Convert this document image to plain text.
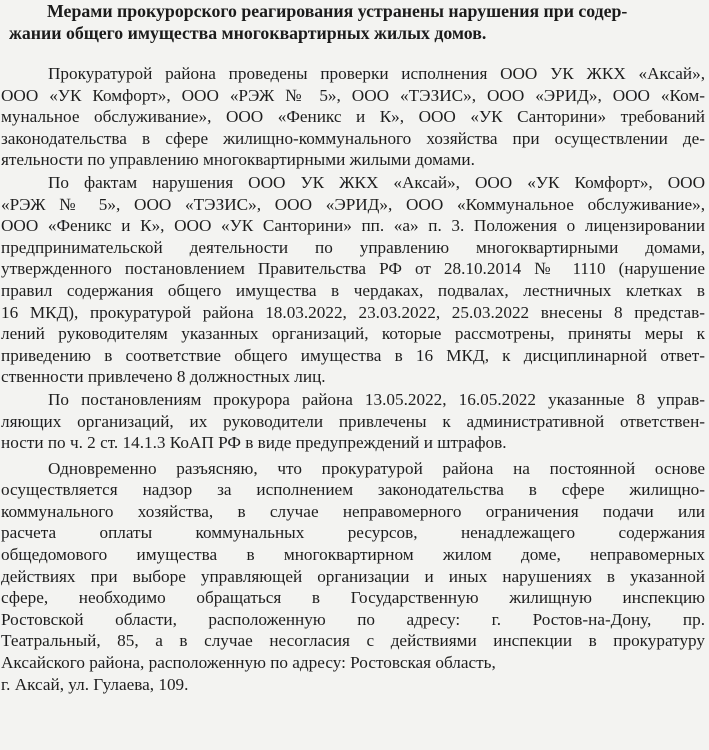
Мерами прокурорского реагирования устранены нарушения при содер-
жании общего имущества многоквартирных жилых домов.

Прокуратурой района проведены проверки исполнения ООО УК ЖКХ «Аксай»,
ООО «УК Комфорт», ООО «РЭЖ № 5», ООО «ТЭЗИС», ООО «ЭРИД», ООО «Ком-
мунальное обслуживание», ООО «Феникс и К», ООО «УК Санторини» требований
законодательства в сфере жилищно-коммунального хозяйства при осуществлении де-
ятельности по управлению многоквартирными жилыми домами.

По фактам нарушения ООО УК ЖКХ «Аксай», ООО «УК Комфорт», ООО
«РЭЖ № 5», ООО «ТЭЗИС», ООО «ЭРИД», ООО «Коммунальное обслуживание»,
ООО «Феникс и К», ООО «УК Санторини» пп. «а» п. 3. Положения о лицензировании
предпринимательской деятельности по управлению многоквартирными домами,
утвержденного постановлением Правительства РФ от 28.10.2014 № 1110 (нарушение
правил содержания общего имущества в чердаках, подвалах, лестничных клетках в
16 МКД), прокуратурой района 18.03.2022, 23.03.2022, 25.03.2022 внесены 8 представ-
лений руководителям указанных организаций, которые рассмотрены, приняты меры к
приведению в соответствие общего имущества в 16 МКД, к дисциплинарной ответ-
ственности привлечено 8 должностных лиц.

По постановлениям прокурора района 13.05.2022, 16.05.2022 указанные 8 управ-
ляющих организаций, их руководители привлечены к административной ответствен-
ности по ч. 2 ст. 14.1.3 КоАП РФ в виде предупреждений и штрафов.

Одновременно разъясняю, что прокуратурой района на постоянной основе
осуществляется надзор за исполнением законодательства в сфере жилищно-
коммунального хозяйства, в случае неправомерного ограничения подачи или
расчета оплаты коммунальных ресурсов, ненадлежащего содержания
общедомового имущества в многоквартирном жилом доме, неправомерных
действиях при выборе управляющей организации и иных нарушениях в указанной
сфере, необходимо обращаться в Государственную жилищную инспекцию
Ростовской области, расположенную по адресу: г. Ростов-на-Дону, пр.
Театральный, 85, а в случае несогласия с действиями инспекции в прокуратуру
Аксайского района, расположенную по адресу: Ростовская область,
г. Аксай, ул. Гулаева, 109.
